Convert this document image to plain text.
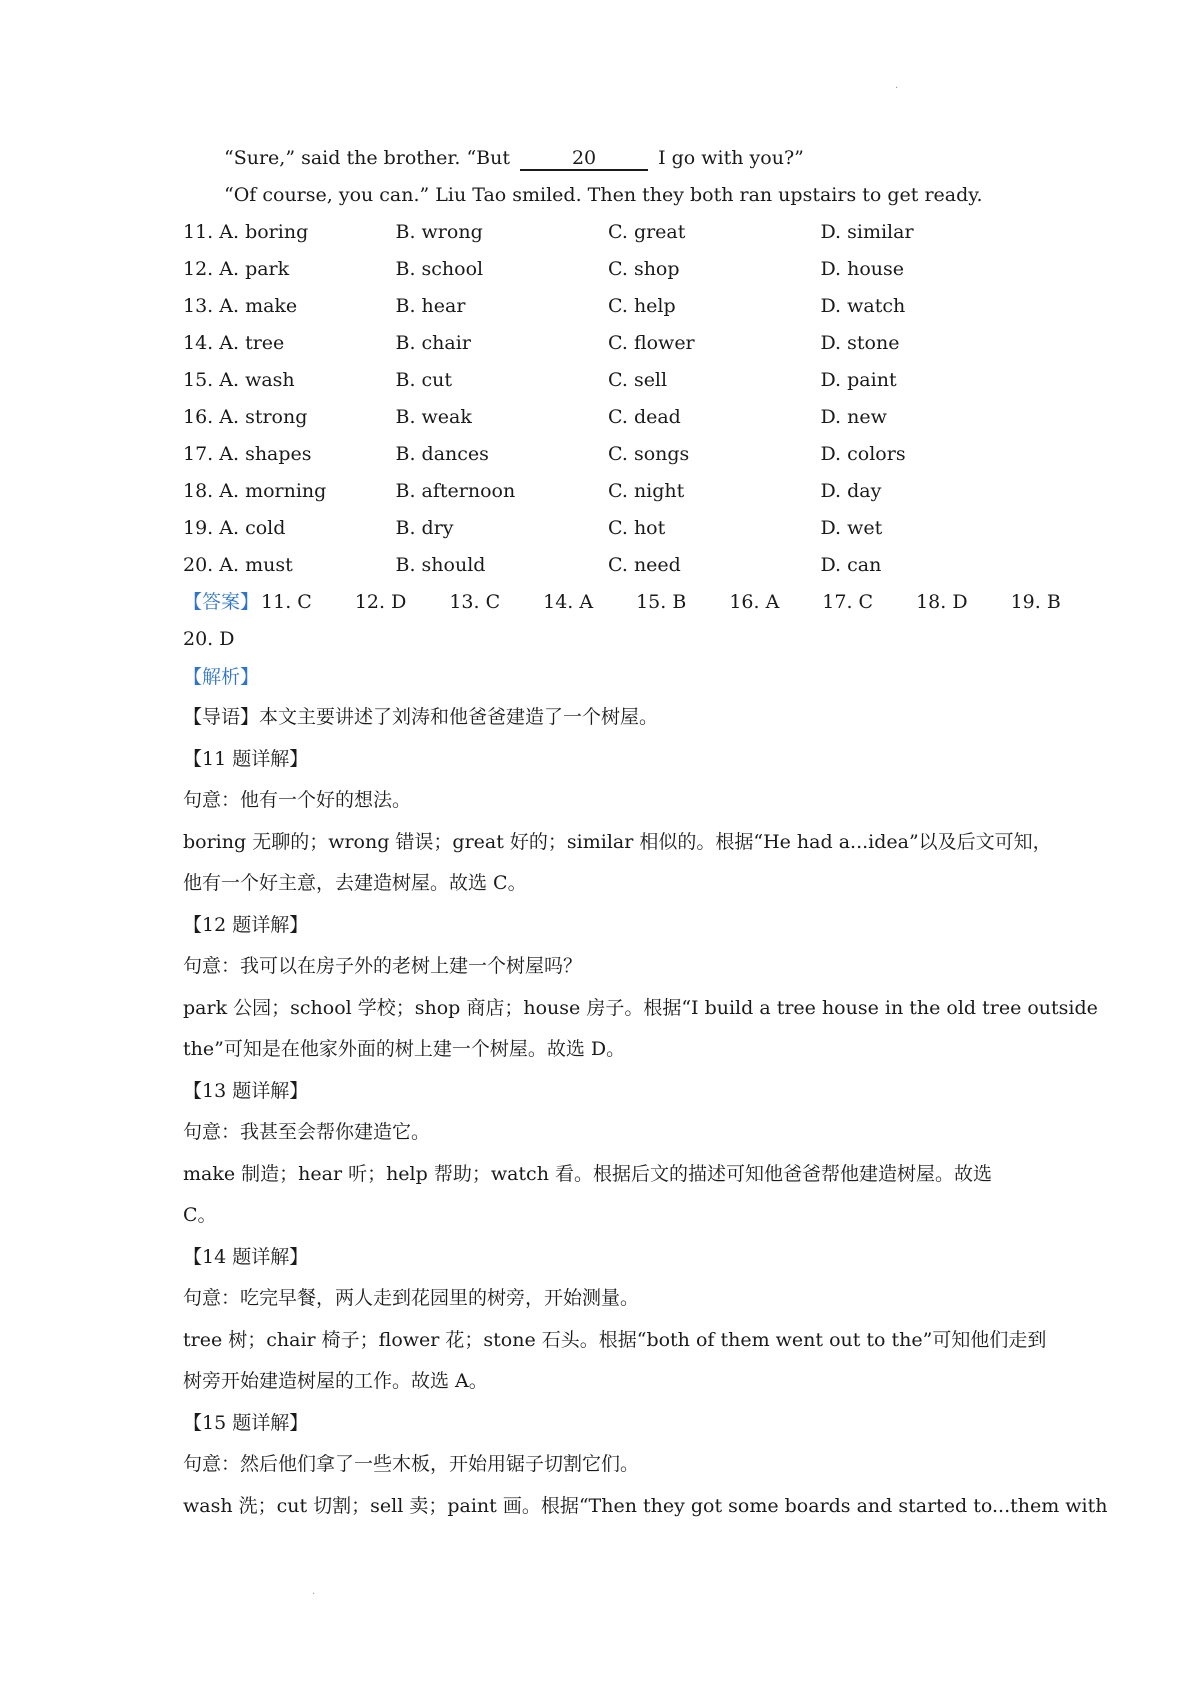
·
·
“Sure,” said the brother. “But	20	I go with you?”
“Of course, you can.” Liu Tao smiled. Then they both ran upstairs to get ready.
11. A. boring	B. wrong	C. great	D. similar
12. A. park	B. school	C. shop	D. house
13. A. make	B. hear	C. help	D. watch
14. A. tree	B. chair	C. flower	D. stone
15. A. wash	B. cut	C. sell	D. paint
16. A. strong	B. weak	C. dead	D. new
17. A. shapes	B. dances	C. songs	D. colors
18. A. morning	B. afternoon	C. night	D. day
19. A. cold	B. dry	C. hot	D. wet
20. A. must	B. should	C. need	D. can
【答案】 11. C 12. D 13. C 14. A 15. B 16. A 17. C 18. D 19. B
20. D
【解析】
【导语】本文主要讲述了刘涛和他爸爸建造了一个树屋。
【11 题详解】
句意：他有一个好的想法。
boring 无聊的；wrong 错误；great 好的；similar 相似的。根据“He had a...idea”以及后文可知，
他有一个好主意，去建造树屋。故选 C。
【12 题详解】
句意：我可以在房子外的老树上建一个树屋吗？
park 公园；school 学校；shop 商店；house 房子。根据“I build a tree house in the old tree outside
the”可知是在他家外面的树上建一个树屋。故选 D。
【13 题详解】
句意：我甚至会帮你建造它。
make 制造；hear 听；help 帮助；watch 看。根据后文的描述可知他爸爸帮他建造树屋。故选
C。
【14 题详解】
句意：吃完早餐，两人走到花园里的树旁，开始测量。
tree 树；chair 椅子；flower 花；stone 石头。根据“both of them went out to the”可知他们走到
树旁开始建造树屋的工作。故选 A。
【15 题详解】
句意：然后他们拿了一些木板，开始用锯子切割它们。
wash 洗；cut 切割；sell 卖；paint 画。根据“Then they got some boards and started to...them with
